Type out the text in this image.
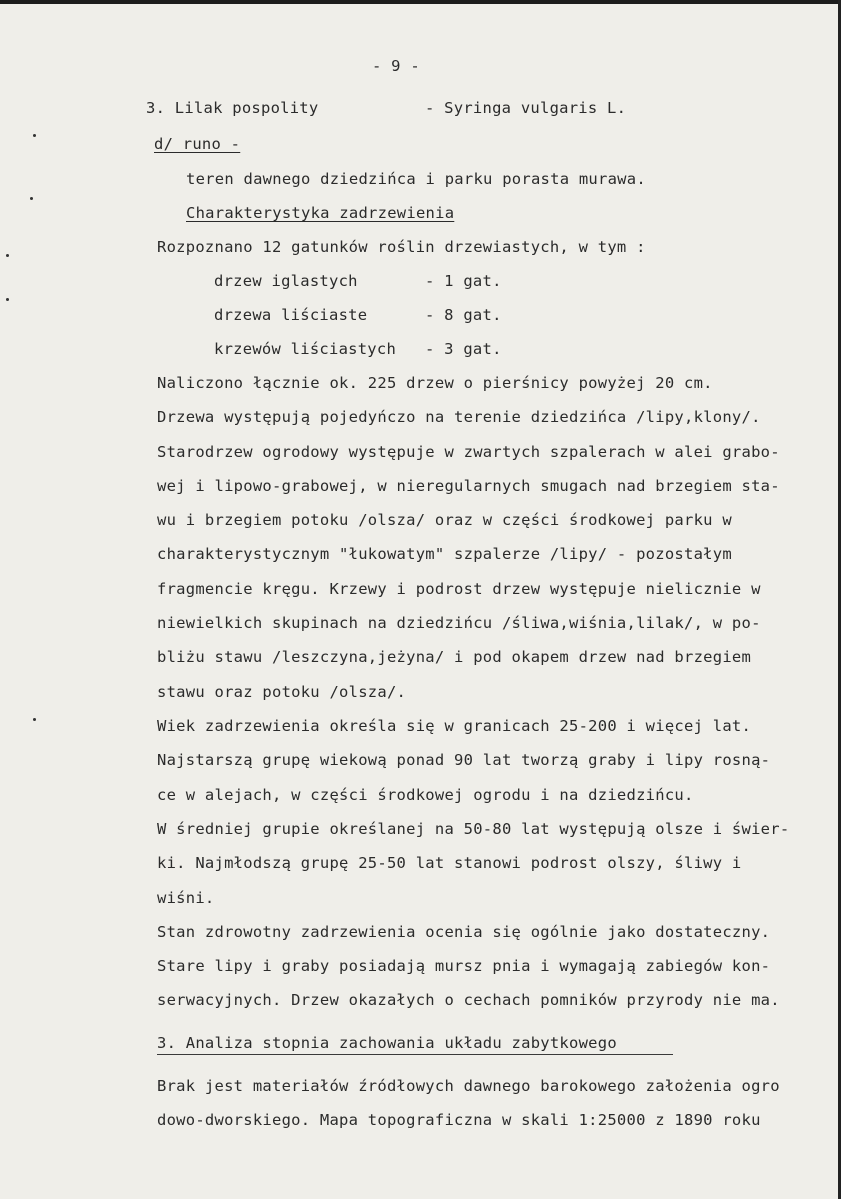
- 9 -
3. Lilak pospolity	- Syringa vulgaris L.
d/ runo -
teren dawnego dziedzińca i parku porasta murawa.
Charakterystyka zadrzewienia
Rozpoznano 12 gatunków roślin drzewiastych, w tym :
drzew iglastych	- 1 gat.
drzewa liściaste	- 8 gat.
krzewów liściastych - 3 gat.
Naliczono łącznie ok. 225 drzew o pierśnicy powyżej 20 cm.
Drzewa występują pojedyńczo na terenie dziedzińca /lipy,klony/.
Starodrzew ogrodowy występuje w zwartych szpalerach w alei grabo-
wej i lipowo-grabowej, w nieregularnych smugach nad brzegiem sta-
wu i brzegiem potoku /olsza/ oraz w części środkowej parku w
charakterystycznym "łukowatym" szpalerze /lipy/ - pozostałym
fragmencie kręgu. Krzewy i podrost drzew występuje nielicznie w
niewielkich skupinach na dziedzińcu /śliwa,wiśnia,lilak/, w po-
bliżu stawu /leszczyna,jeżyna/ i pod okapem drzew nad brzegiem
stawu oraz potoku /olsza/.
Wiek zadrzewienia określa się w granicach 25-200 i więcej lat.
Najstarszą grupę wiekową ponad 90 lat tworzą graby i lipy rosną-
ce w alejach, w części środkowej ogrodu i na dziedzińcu.
W średniej grupie określanej na 50-80 lat występują olsze i świer-
ki. Najmłodszą grupę 25-50 lat stanowi podrost olszy, śliwy i
wiśni.
Stan zdrowotny zadrzewienia ocenia się ogólnie jako dostateczny.
Stare lipy i graby posiadają mursz pnia i wymagają zabiegów kon-
serwacyjnych. Drzew okazałych o cechach pomników przyrody nie ma.
3. Analiza stopnia zachowania układu zabytkowego
Brak jest materiałów źródłowych dawnego barokowego założenia ogro
dowo-dworskiego. Mapa topograficzna w skali 1:25000 z 1890 roku
